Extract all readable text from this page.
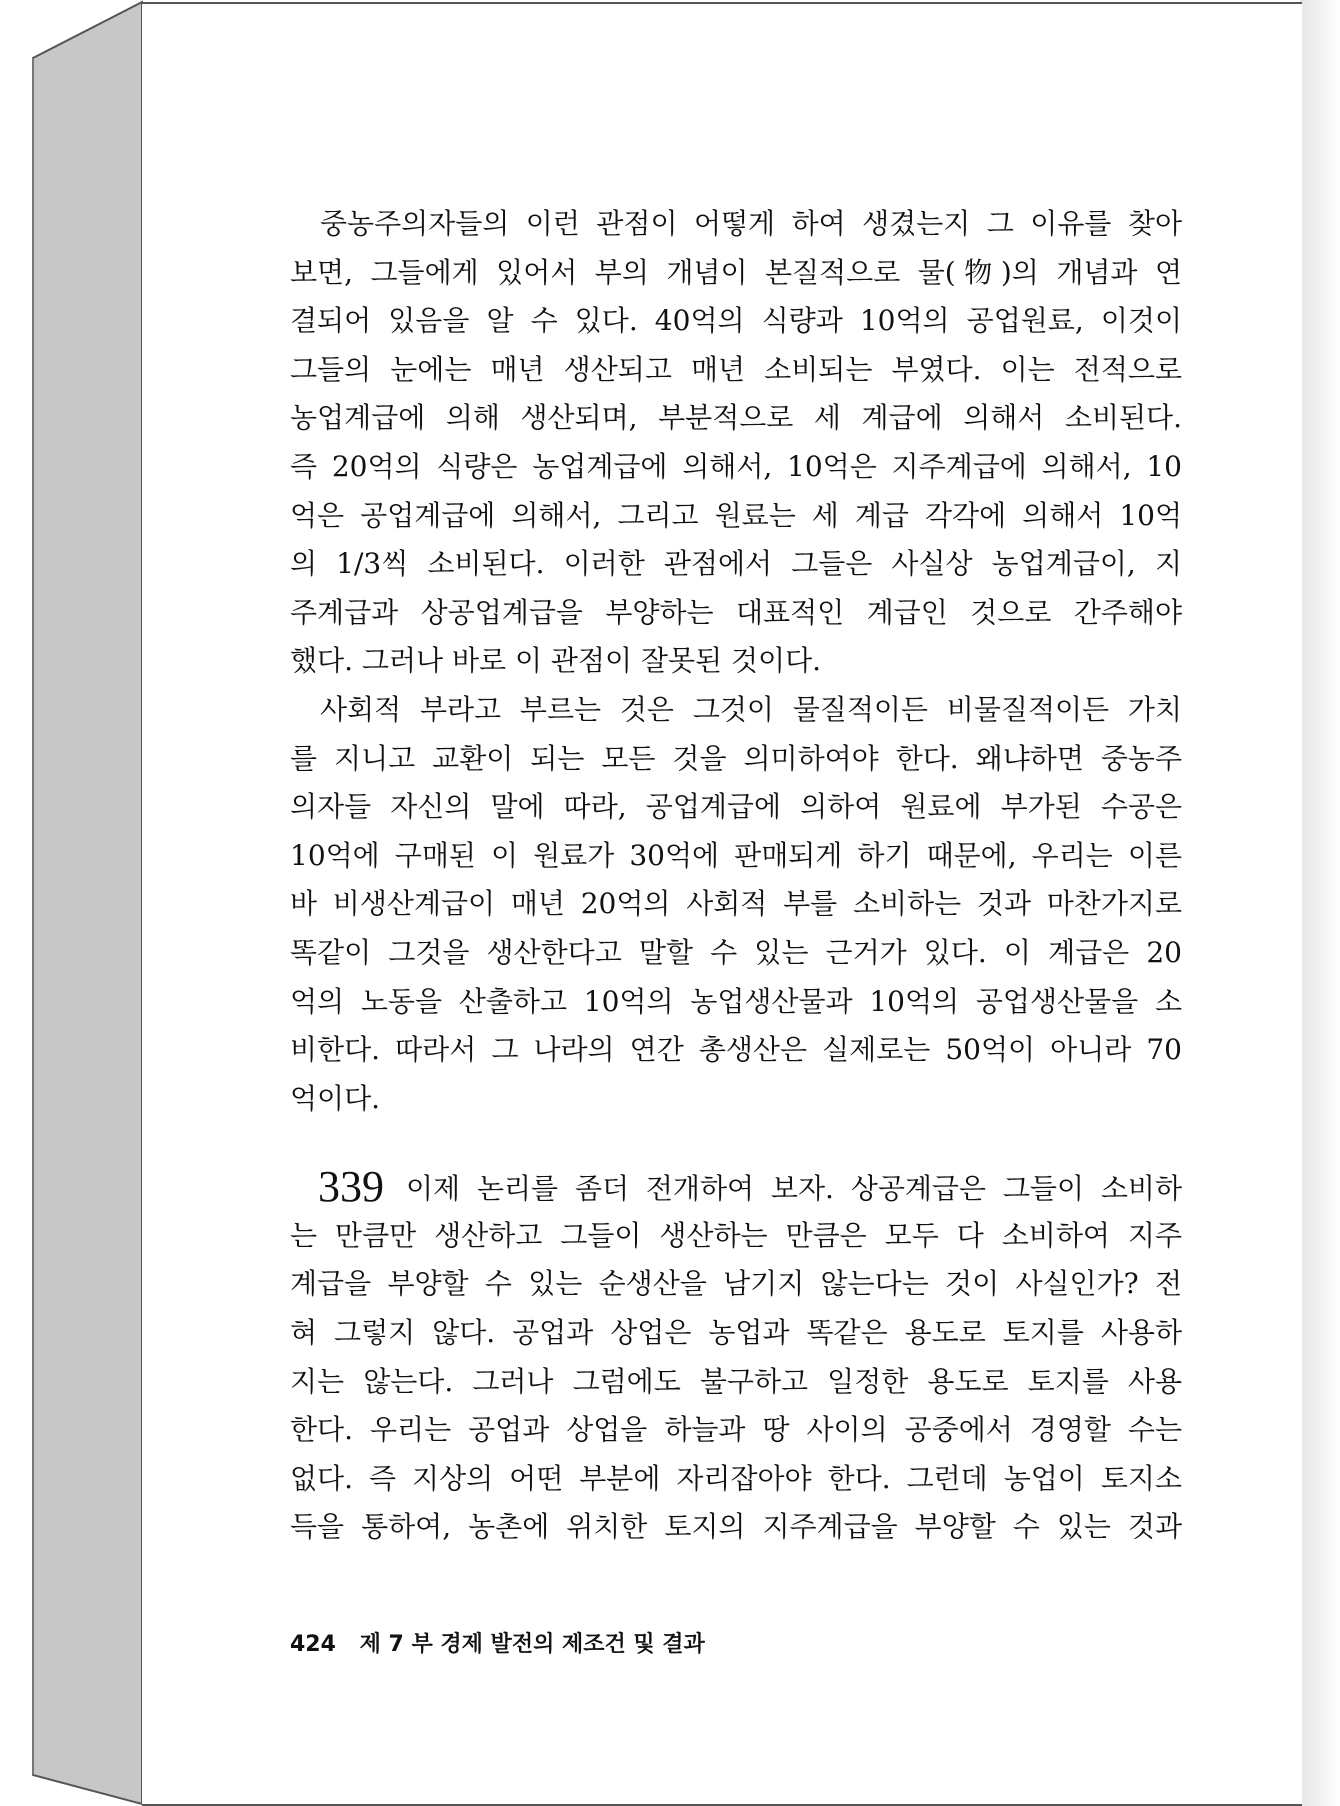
중농주의자들의 이런 관점이 어떻게 하여 생겼는지 그 이유를 찾아
보면, 그들에게 있어서 부의 개념이 본질적으로 물(物)의 개념과 연
결되어 있음을 알 수 있다. 40억의 식량과 10억의 공업원료, 이것이
그들의 눈에는 매년 생산되고 매년 소비되는 부였다. 이는 전적으로
농업계급에 의해 생산되며, 부분적으로 세 계급에 의해서 소비된다.
즉 20억의 식량은 농업계급에 의해서, 10억은 지주계급에 의해서, 10
억은 공업계급에 의해서, 그리고 원료는 세 계급 각각에 의해서 10억
의 1/3씩 소비된다. 이러한 관점에서 그들은 사실상 농업계급이, 지
주계급과 상공업계급을 부양하는 대표적인 계급인 것으로 간주해야
했다. 그러나 바로 이 관점이 잘못된 것이다.
사회적 부라고 부르는 것은 그것이 물질적이든 비물질적이든 가치
를 지니고 교환이 되는 모든 것을 의미하여야 한다. 왜냐하면 중농주
의자들 자신의 말에 따라, 공업계급에 의하여 원료에 부가된 수공은
10억에 구매된 이 원료가 30억에 판매되게 하기 때문에, 우리는 이른
바 비생산계급이 매년 20억의 사회적 부를 소비하는 것과 마찬가지로
똑같이 그것을 생산한다고 말할 수 있는 근거가 있다. 이 계급은 20
억의 노동을 산출하고 10억의 농업생산물과 10억의 공업생산물을 소
비한다. 따라서 그 나라의 연간 총생산은 실제로는 50억이 아니라 70
억이다.
339 이제 논리를 좀더 전개하여 보자. 상공계급은 그들이 소비하
는 만큼만 생산하고 그들이 생산하는 만큼은 모두 다 소비하여 지주
계급을 부양할 수 있는 순생산을 남기지 않는다는 것이 사실인가? 전
혀 그렇지 않다. 공업과 상업은 농업과 똑같은 용도로 토지를 사용하
지는 않는다. 그러나 그럼에도 불구하고 일정한 용도로 토지를 사용
한다. 우리는 공업과 상업을 하늘과 땅 사이의 공중에서 경영할 수는
없다. 즉 지상의 어떤 부분에 자리잡아야 한다. 그런데 농업이 토지소
득을 통하여, 농촌에 위치한 토지의 지주계급을 부양할 수 있는 것과
424 제 7 부 경제 발전의 제조건 및 결과
